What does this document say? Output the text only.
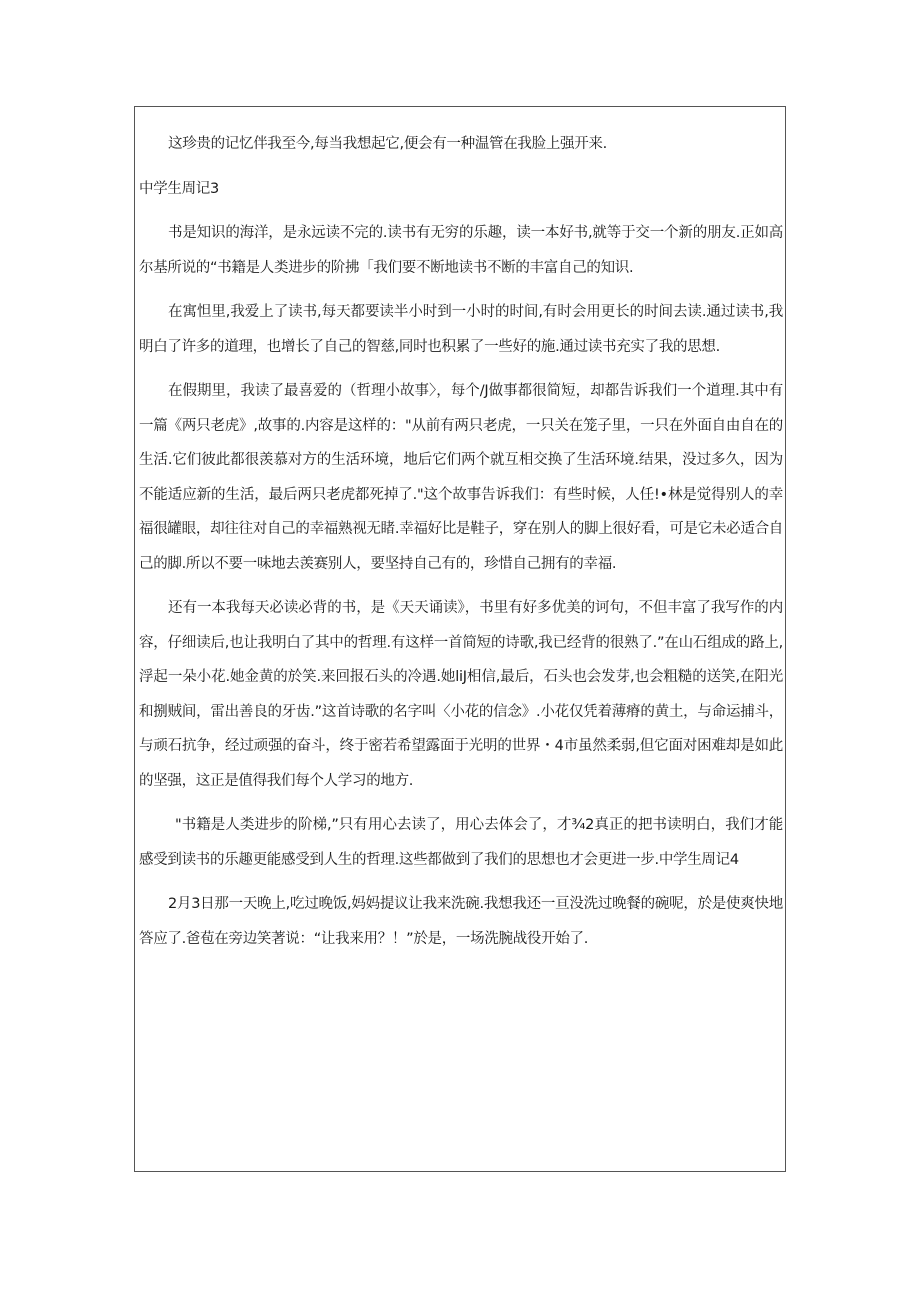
这珍贵的记忆伴我至今,每当我想起它,便会有一种温管在我脸上强开来.

中学生周记3

书是知识的海洋，是永远读不完的.读书有无穷的乐趣，读一本好书,就等于交一个新的朋友.正如高尔基所说的“书籍是人类进步的阶拂「我们要不断地读书不断的丰富自己的知识.

在寓怛里,我爱上了读书,每天都要读半小时到一小时的时间,有时会用更长的时间去读.通过读书,我明白了许多的道理，也增长了自己的智慈,同时也积累了一些好的施.通过读书充实了我的思想.

在假期里，我读了最喜爱的（哲理小故事〉，每个/J做事都很简短，却都告诉我们一个道理.其中有一篇《两只老虎》,故事的.内容是这样的："从前有两只老虎，一只关在笼子里，一只在外面自由自在的生活.它们彼此都很羡慕对方的生活环境，地后它们两个就互相交换了生活环境.结果，没过多久，因为不能适应新的生活，最后两只老虎都死掉了."这个故事告诉我们：有些时候，人任!•林是觉得别人的幸福很罐眼，却往往对自己的幸福熟视无睹.幸福好比是鞋子，穿在别人的脚上很好看，可是它未必适合自己的脚.所以不要一味地去羡赛别人，要坚持自己有的，珍惜自己拥有的幸福.

还有一本我每天必读必背的书，是《天天诵读》，书里有好多优美的诃句，不但丰富了我写作的内容，仔细读后,也让我明白了其中的哲理.有这样一首简短的诗歌,我已经背的很熟了.”在山石组成的路上,浮起一朵小花.她金黄的於笑.来回报石头的冷遇.她liJ相信,最后，石头也会发芽,也会粗糙的送笑,在阳光和捌贼间，雷出善良的牙齿.”这首诗歌的名字叫〈小花的信念》.小花仅凭着薄瘠的黄土，与命运捕斗，与顽石抗争，经过顽强的奋斗，终于密若希望露面于光明的世界・4市虽然柔弱,但它面对困难却是如此的坚强，这正是值得我们每个人学习的地方.

"书籍是人类进步的阶梯,”只有用心去读了，用心去体会了，才¾2真正的把书读明白，我们才能感受到读书的乐趣更能感受到人生的哲理.这些都做到了我们的思想也才会更进一步.中学生周记4

2月3日那一天晚上,吃过晚饭,妈妈提议让我来洗碗.我想我还一亘没洗过晚餐的碗呢，於是使爽快地答应了.爸苞在旁边笑著说：“让我来用？！”於是，一场洗腕战役开始了.
